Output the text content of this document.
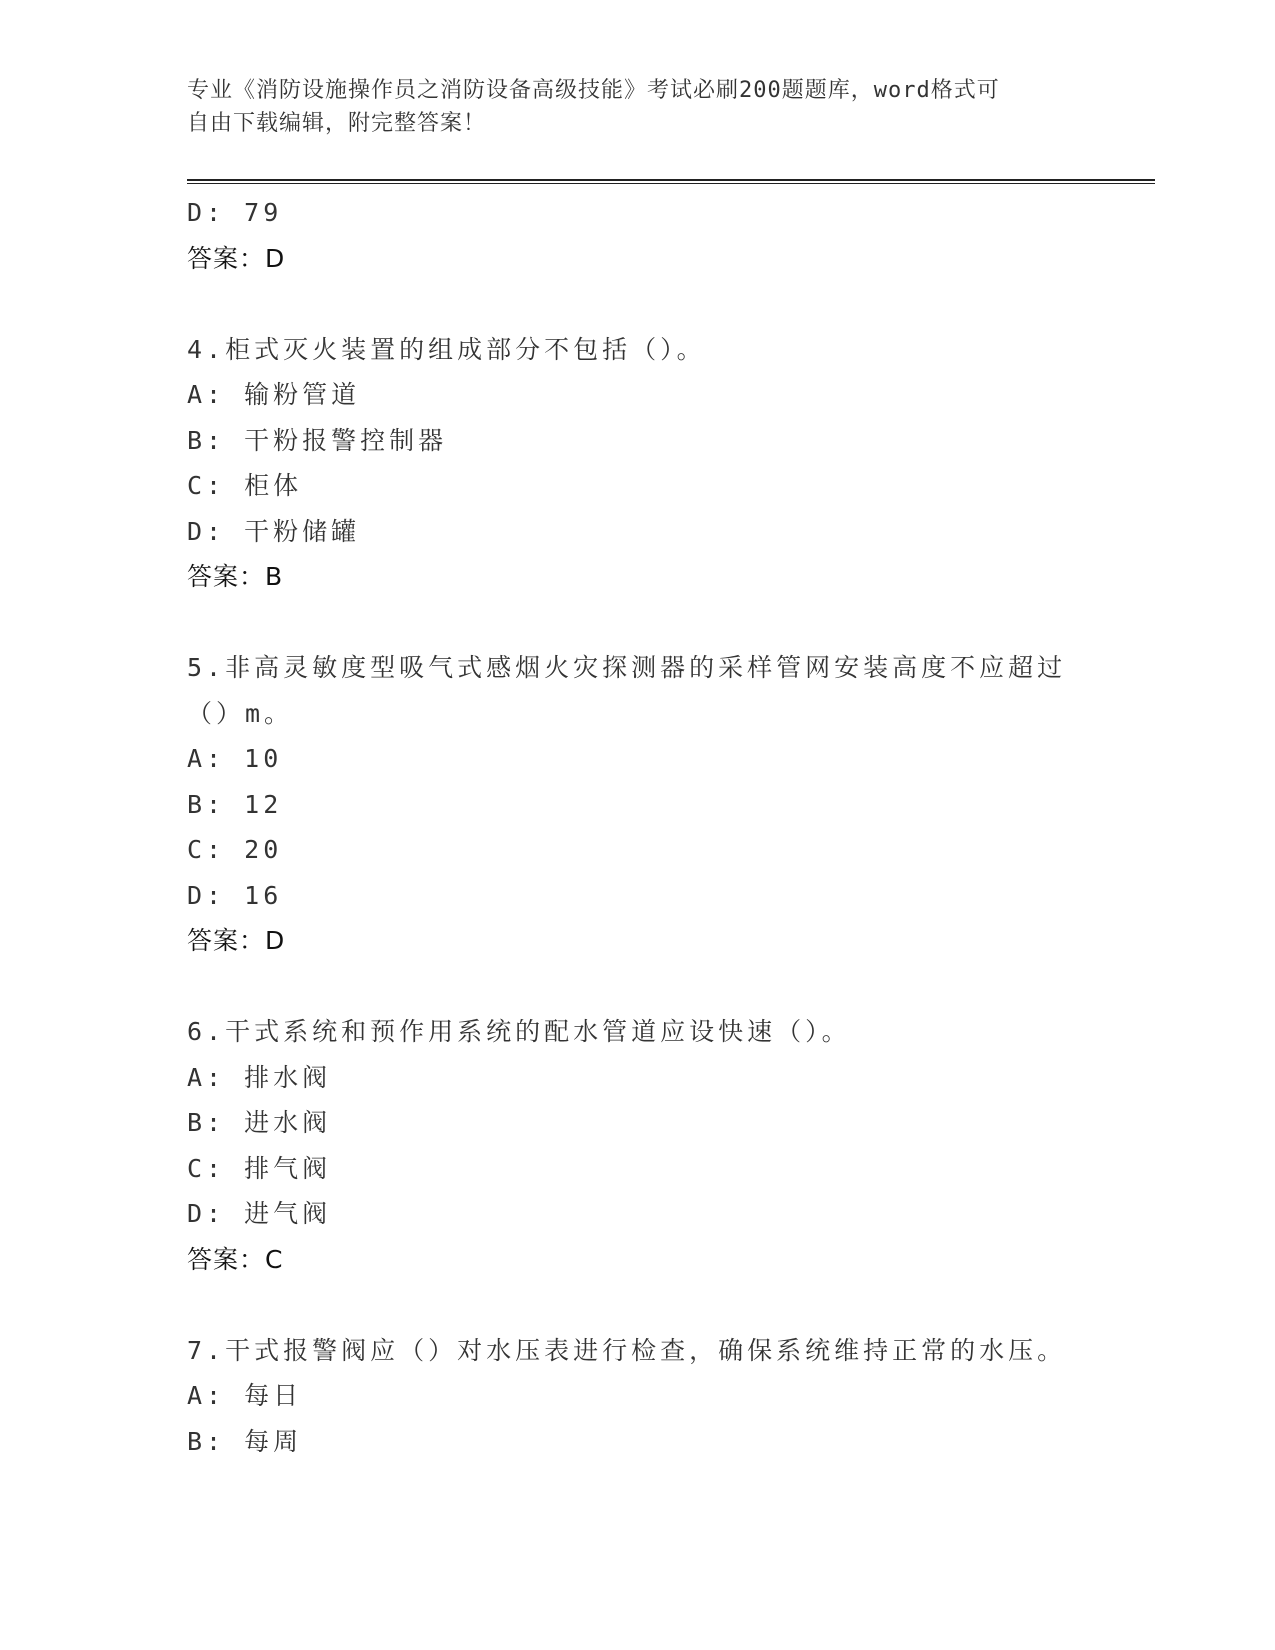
专业《消防设施操作员之消防设备高级技能》考试必刷200题题库，word格式可
自由下载编辑，附完整答案！
D: 79
答案：D
4.柜式灭火装置的组成部分不包括（）。
A: 输粉管道
B: 干粉报警控制器
C: 柜体
D: 干粉储罐
答案：B
5.非高灵敏度型吸气式感烟火灾探测器的采样管网安装高度不应超过
（）m。
A: 10
B: 12
C: 20
D: 16
答案：D
6.干式系统和预作用系统的配水管道应设快速（）。
A: 排水阀
B: 进水阀
C: 排气阀
D: 进气阀
答案：C
7.干式报警阀应（）对水压表进行检查，确保系统维持正常的水压。
A: 每日
B: 每周
